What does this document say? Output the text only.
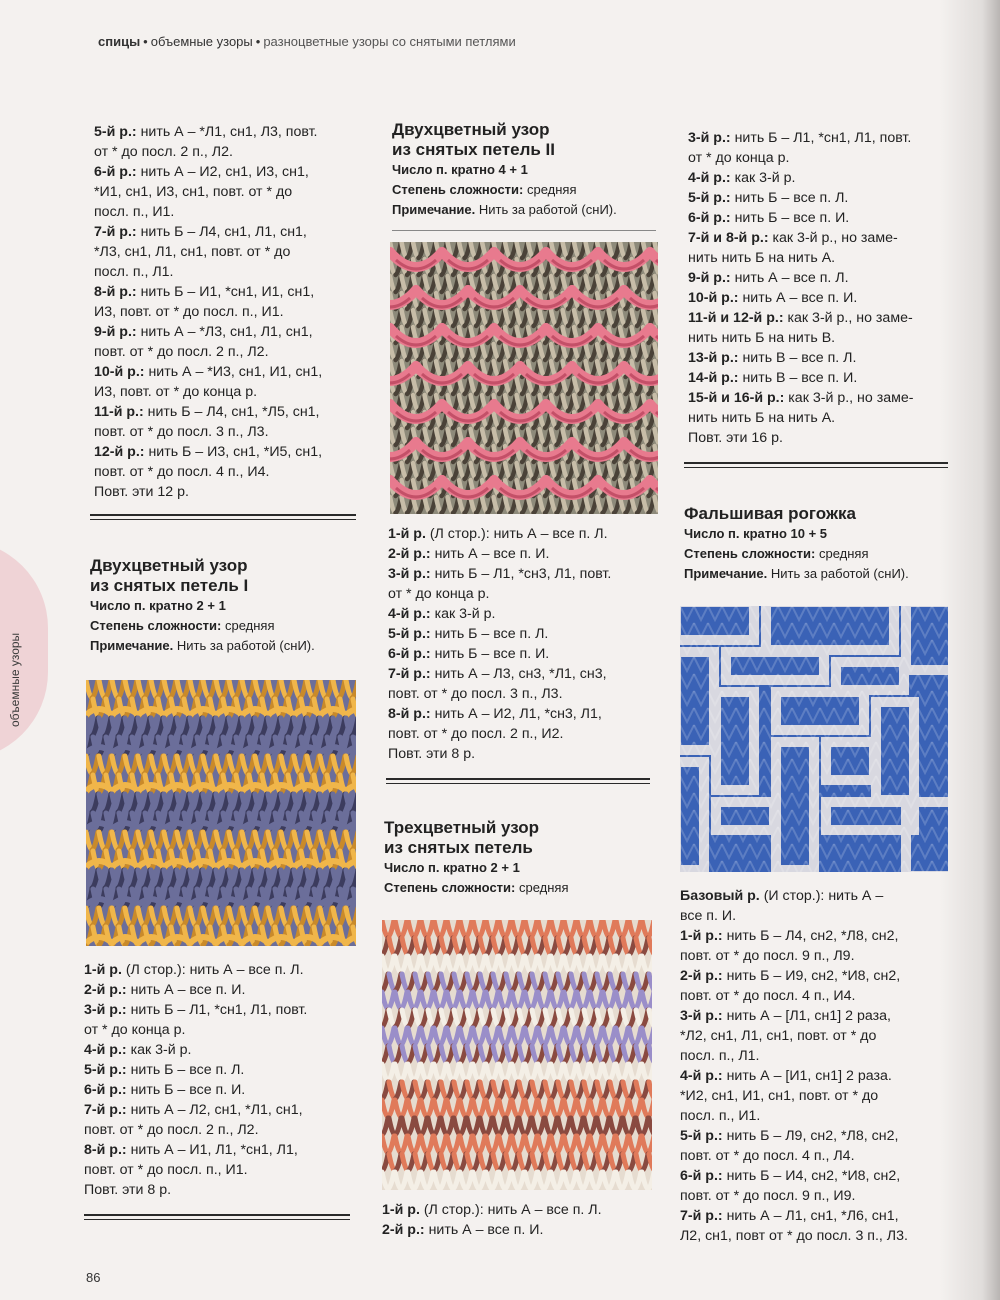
спицы • объемные узоры • разноцветные узоры со снятыми петлями
объемные узоры
5-й р.: нить А – *Л1, сн1, Л3, повт.
от * до посл. 2 п., Л2.
6-й р.: нить А – И2, сн1, И3, сн1,
*И1, сн1, И3, сн1, повт. от * до
посл. п., И1.
7-й р.: нить Б – Л4, сн1, Л1, сн1,
*Л3, сн1, Л1, сн1, повт. от * до
посл. п., Л1.
8-й р.: нить Б – И1, *сн1, И1, сн1,
И3, повт. от * до посл. п., И1.
9-й р.: нить А – *Л3, сн1, Л1, сн1,
повт. от * до посл. 2 п., Л2.
10-й р.: нить А – *И3, сн1, И1, сн1,
И3, повт. от * до конца р.
11-й р.: нить Б – Л4, сн1, *Л5, сн1,
повт. от * до посл. 3 п., Л3.
12-й р.: нить Б – И3, сн1, *И5, сн1,
повт. от * до посл. 4 п., И4.
Повт. эти 12 р.
Двухцветный узор
из снятых петель I
Число п. кратно 2 + 1
Степень сложности: средняя
Примечание. Нить за работой (снИ).
1-й р. (Л стор.): нить А – все п. Л.
2-й р.: нить А – все п. И.
3-й р.: нить Б – Л1, *сн1, Л1, повт.
от * до конца р.
4-й р.: как 3-й р.
5-й р.: нить Б – все п. Л.
6-й р.: нить Б – все п. И.
7-й р.: нить А – Л2, сн1, *Л1, сн1,
повт. от * до посл. 2 п., Л2.
8-й р.: нить А – И1, Л1, *сн1, Л1,
повт. от * до посл. п., И1.
Повт. эти 8 р.
Двухцветный узор
из снятых петель II
Число п. кратно 4 + 1
Степень сложности: средняя
Примечание. Нить за работой (снИ).
1-й р. (Л стор.): нить А – все п. Л.
2-й р.: нить А – все п. И.
3-й р.: нить Б – Л1, *сн3, Л1, повт.
от * до конца р.
4-й р.: как 3-й р.
5-й р.: нить Б – все п. Л.
6-й р.: нить Б – все п. И.
7-й р.: нить А – Л3, сн3, *Л1, сн3,
повт. от * до посл. 3 п., Л3.
8-й р.: нить А – И2, Л1, *сн3, Л1,
повт. от * до посл. 2 п., И2.
Повт. эти 8 р.
Трехцветный узор
из снятых петель
Число п. кратно 2 + 1
Степень сложности: средняя
1-й р. (Л стор.): нить А – все п. Л.
2-й р.: нить А – все п. И.
3-й р.: нить Б – Л1, *сн1, Л1, повт.
от * до конца р.
4-й р.: как 3-й р.
5-й р.: нить Б – все п. Л.
6-й р.: нить Б – все п. И.
7-й и 8-й р.: как 3-й р., но заме-
нить нить Б на нить А.
9-й р.: нить А – все п. Л.
10-й р.: нить А – все п. И.
11-й и 12-й р.: как 3-й р., но заме-
нить нить Б на нить В.
13-й р.: нить В – все п. Л.
14-й р.: нить В – все п. И.
15-й и 16-й р.: как 3-й р., но заме-
нить нить Б на нить А.
Повт. эти 16 р.
Фальшивая рогожка
Число п. кратно 10 + 5
Степень сложности: средняя
Примечание. Нить за работой (снИ).
Базовый р. (И стор.): нить А –
все п. И.
1-й р.: нить Б – Л4, сн2, *Л8, сн2,
повт. от * до посл. 9 п., Л9.
2-й р.: нить Б – И9, сн2, *И8, сн2,
повт. от * до посл. 4 п., И4.
3-й р.: нить А – [Л1, сн1] 2 раза,
*Л2, сн1, Л1, сн1, повт. от * до
посл. п., Л1.
4-й р.: нить А – [И1, сн1] 2 раза.
*И2, сн1, И1, сн1, повт. от * до
посл. п., И1.
5-й р.: нить Б – Л9, сн2, *Л8, сн2,
повт. от * до посл. 4 п., Л4.
6-й р.: нить Б – И4, сн2, *И8, сн2,
повт. от * до посл. 9 п., И9.
7-й р.: нить А – Л1, сн1, *Л6, сн1,
Л2, сн1, повт от * до посл. 3 п., Л3.
86
